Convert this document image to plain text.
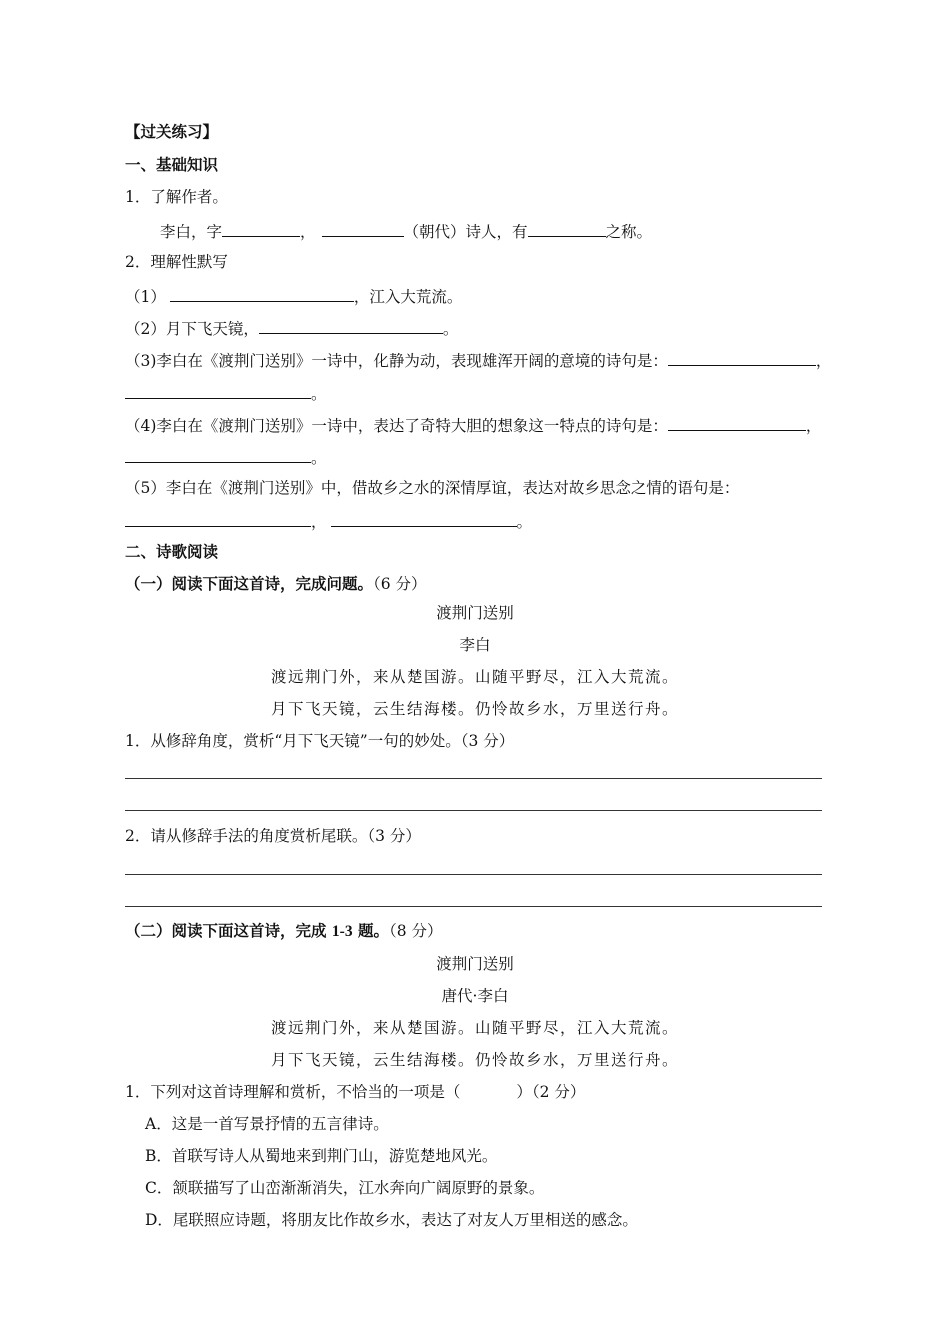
【过关练习】
一、基础知识
1．了解作者。
李白，字	，	（朝代）诗人，有	之称。
2．理解性默写
（1）	，江入大荒流。
（2）月下飞天镜，	。
（3)李白在《渡荆门送别》一诗中，化静为动，表现雄浑开阔的意境的诗句是：	，
。
（4)李白在《渡荆门送别》一诗中，表达了奇特大胆的想象这一特点的诗句是：	，
。
（5）李白在《渡荆门送别》中，借故乡之水的深情厚谊，表达对故乡思念之情的语句是：
，	。
二、诗歌阅读
（一）阅读下面这首诗，完成问题。（6 分）
渡荆门送别
李白
渡远荆门外，来从楚国游。山随平野尽，江入大荒流。
月下飞天镜，云生结海楼。仍怜故乡水，万里送行舟。
1．从修辞角度，赏析“月下飞天镜”一句的妙处。（3 分）
2．请从修辞手法的角度赏析尾联。（3 分）
（二）阅读下面这首诗，完成 1-3 题。（8 分）
渡荆门送别
唐代·李白
渡远荆门外，来从楚国游。山随平野尽，江入大荒流。
月下飞天镜，云生结海楼。仍怜故乡水，万里送行舟。
1．下列对这首诗理解和赏析，不恰当的一项是（	）（2 分）
A．这是一首写景抒情的五言律诗。
B．首联写诗人从蜀地来到荆门山，游览楚地风光。
C．颔联描写了山峦渐渐消失，江水奔向广阔原野的景象。
D．尾联照应诗题，将朋友比作故乡水，表达了对友人万里相送的感念。
